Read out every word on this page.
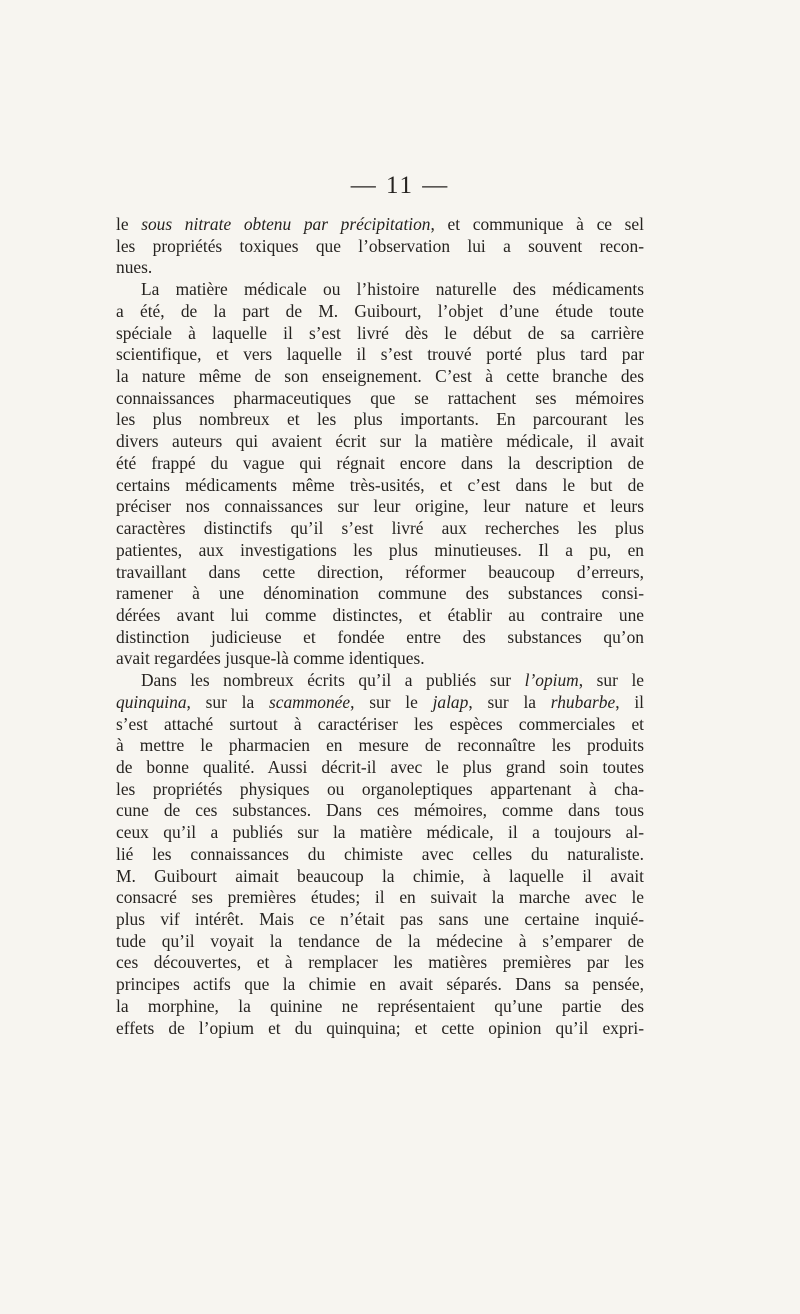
— 11 —
le sous nitrate obtenu par précipitation, et communique à ce sel
les propriétés toxiques que l’observation lui a souvent recon-
nues.
La matière médicale ou l’histoire naturelle des médicaments
a été, de la part de M. Guibourt, l’objet d’une étude toute
spéciale à laquelle il s’est livré dès le début de sa carrière
scientifique, et vers laquelle il s’est trouvé porté plus tard par
la nature même de son enseignement. C’est à cette branche des
connaissances pharmaceutiques que se rattachent ses mémoires
les plus nombreux et les plus importants. En parcourant les
divers auteurs qui avaient écrit sur la matière médicale, il avait
été frappé du vague qui régnait encore dans la description de
certains médicaments même très-usités, et c’est dans le but de
préciser nos connaissances sur leur origine, leur nature et leurs
caractères distinctifs qu’il s’est livré aux recherches les plus
patientes, aux investigations les plus minutieuses. Il a pu, en
travaillant dans cette direction, réformer beaucoup d’erreurs,
ramener à une dénomination commune des substances consi-
dérées avant lui comme distinctes, et établir au contraire une
distinction judicieuse et fondée entre des substances qu’on
avait regardées jusque-là comme identiques.
Dans les nombreux écrits qu’il a publiés sur l’opium, sur le
quinquina, sur la scammonée, sur le jalap, sur la rhubarbe, il
s’est attaché surtout à caractériser les espèces commerciales et
à mettre le pharmacien en mesure de reconnaître les produits
de bonne qualité. Aussi décrit-il avec le plus grand soin toutes
les propriétés physiques ou organoleptiques appartenant à cha-
cune de ces substances. Dans ces mémoires, comme dans tous
ceux qu’il a publiés sur la matière médicale, il a toujours al-
lié les connaissances du chimiste avec celles du naturaliste.
M. Guibourt aimait beaucoup la chimie, à laquelle il avait
consacré ses premières études; il en suivait la marche avec le
plus vif intérêt. Mais ce n’était pas sans une certaine inquié-
tude qu’il voyait la tendance de la médecine à s’emparer de
ces découvertes, et à remplacer les matières premières par les
principes actifs que la chimie en avait séparés. Dans sa pensée,
la morphine, la quinine ne représentaient qu’une partie des
effets de l’opium et du quinquina; et cette opinion qu’il expri-
